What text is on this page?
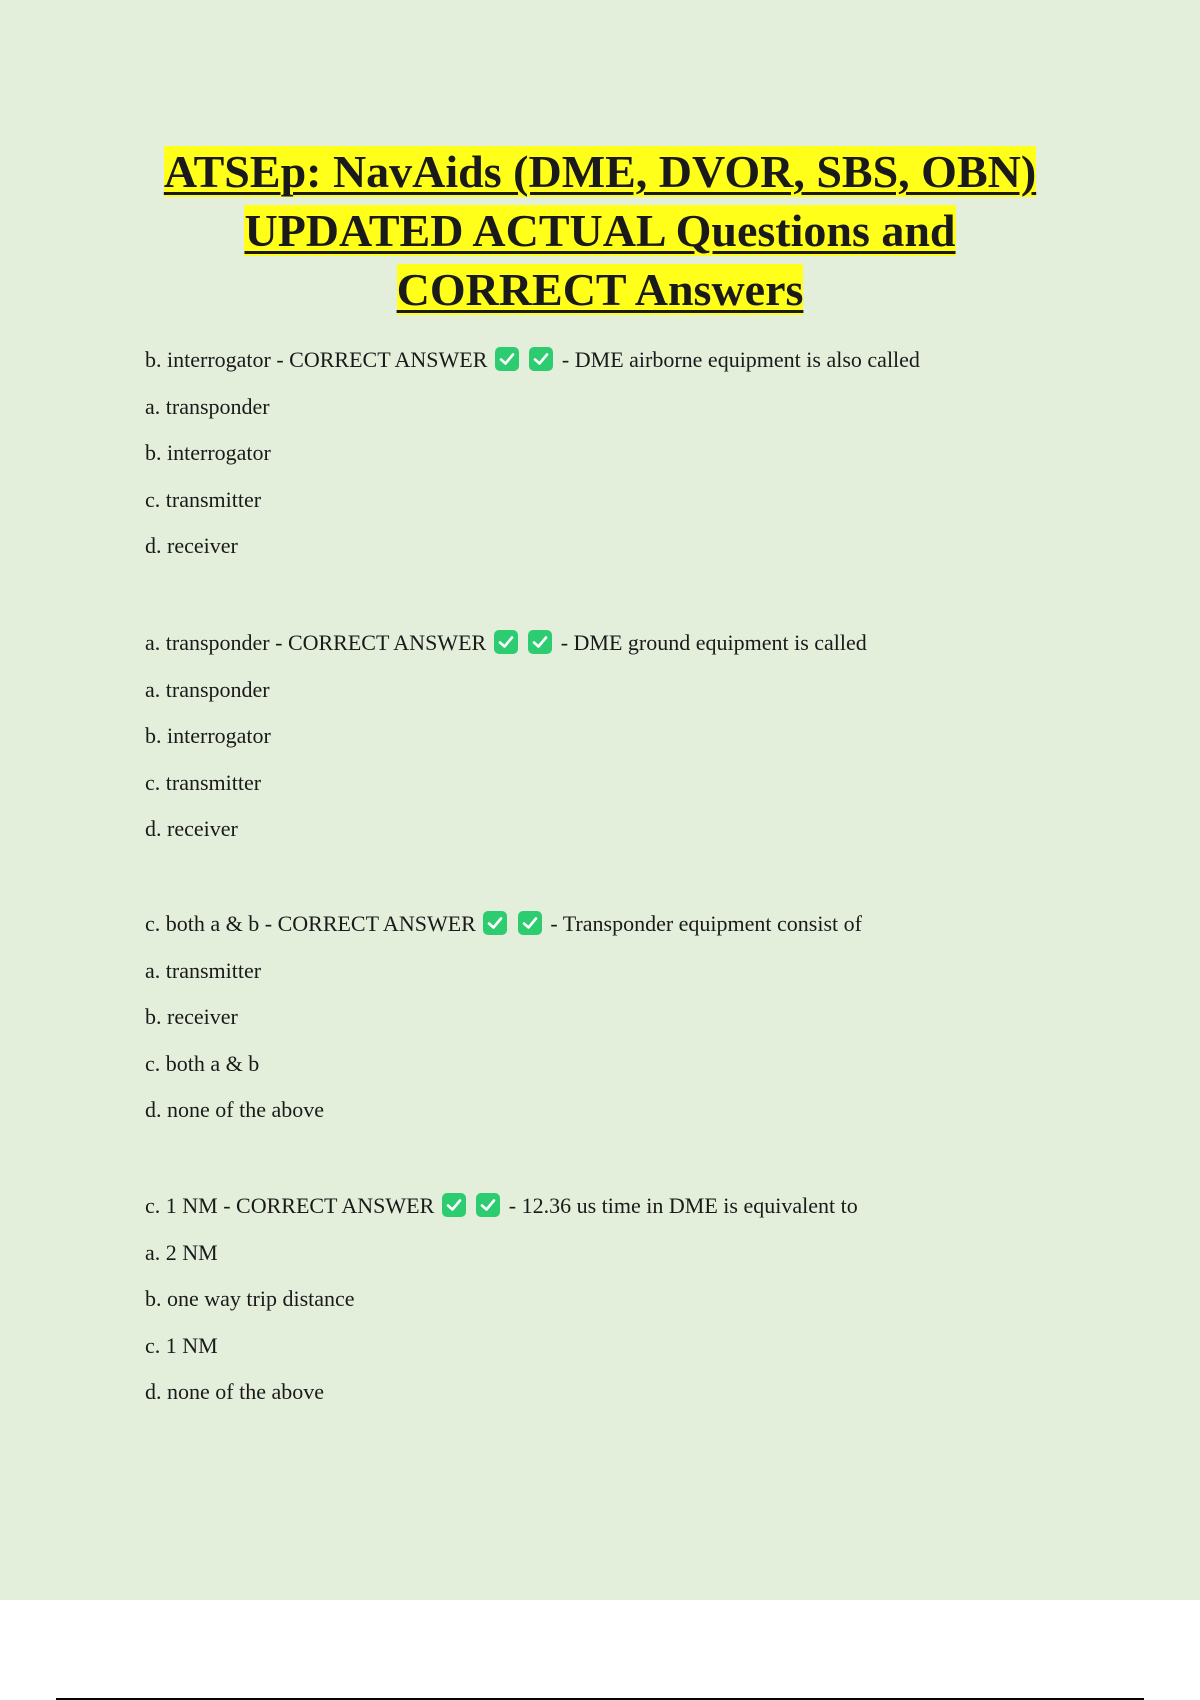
ATSEp: NavAids (DME, DVOR, SBS, OBN)
UPDATED ACTUAL Questions and
CORRECT Answers
b. interrogator - CORRECT ANSWER
	- DME airborne equipment is also called
a. transponder
b. interrogator
c. transmitter
d. receiver
a. transponder - CORRECT ANSWER
	- DME ground equipment is called
a. transponder
b. interrogator
c. transmitter
d. receiver
c. both a & b - CORRECT ANSWER
	- Transponder equipment consist of
a. transmitter
b. receiver
c. both a & b
d. none of the above
c. 1 NM - CORRECT ANSWER
	- 12.36 us time in DME is equivalent to
a. 2 NM
b. one way trip distance
c. 1 NM
d. none of the above
